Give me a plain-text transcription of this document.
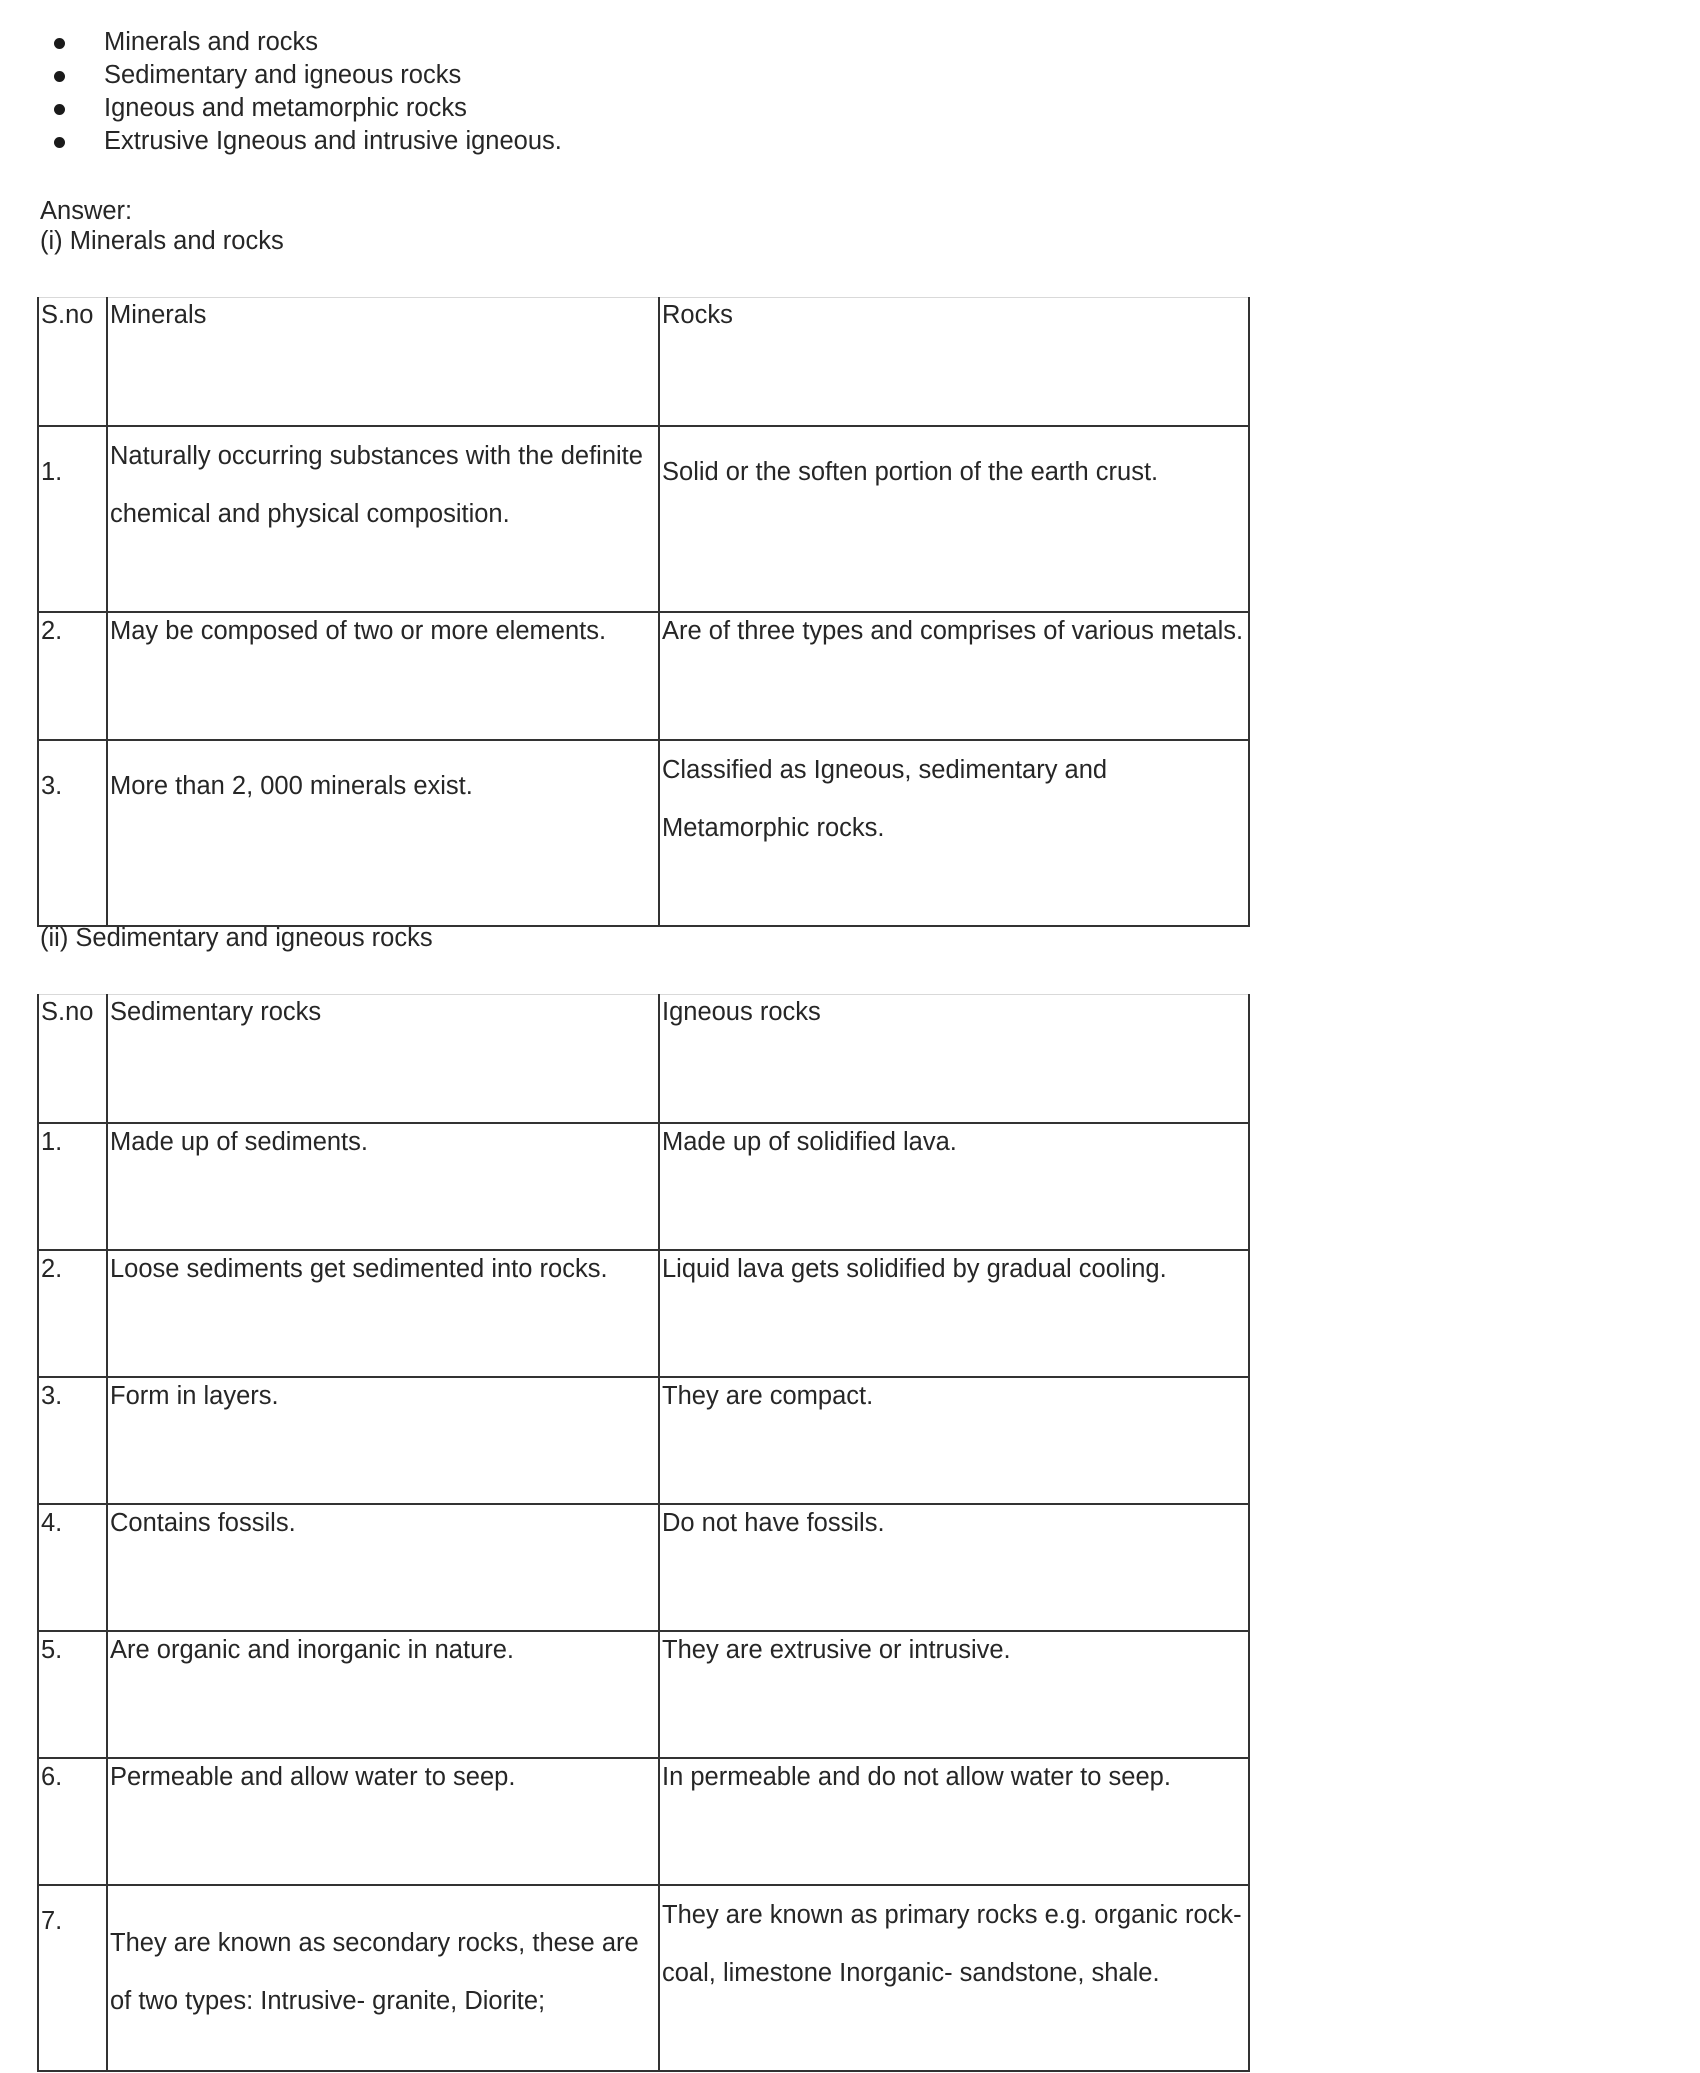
Minerals and rocks
Sedimentary and igneous rocks
Igneous and metamorphic rocks
Extrusive Igneous and intrusive igneous.
Answer:
(i) Minerals and rocks
S.no	Minerals	Rocks
1.	Naturally occurring substances with the definite chemical and physical composition.	Solid or the soften portion of the earth crust.
2.	May be composed of two or more elements.	Are of three types and comprises of various metals.
3.	More than 2, 000 minerals exist.	Classified as Igneous, sedimentary and Metamorphic rocks.
(ii) Sedimentary and igneous rocks
S.no	Sedimentary rocks	Igneous rocks
1.	Made up of sediments.	Made up of solidified lava.
2.	Loose sediments get sedimented into rocks.	Liquid lava gets solidified by gradual cooling.
3.	Form in layers.	They are compact.
4.	Contains fossils.	Do not have fossils.
5.	Are organic and inorganic in nature.	They are extrusive or intrusive.
6.	Permeable and allow water to seep.	In permeable and do not allow water to seep.
7.	They are known as secondary rocks, these are of two types: Intrusive- granite, Diorite;	They are known as primary rocks e.g. organic rock- coal, limestone Inorganic- sandstone, shale.
